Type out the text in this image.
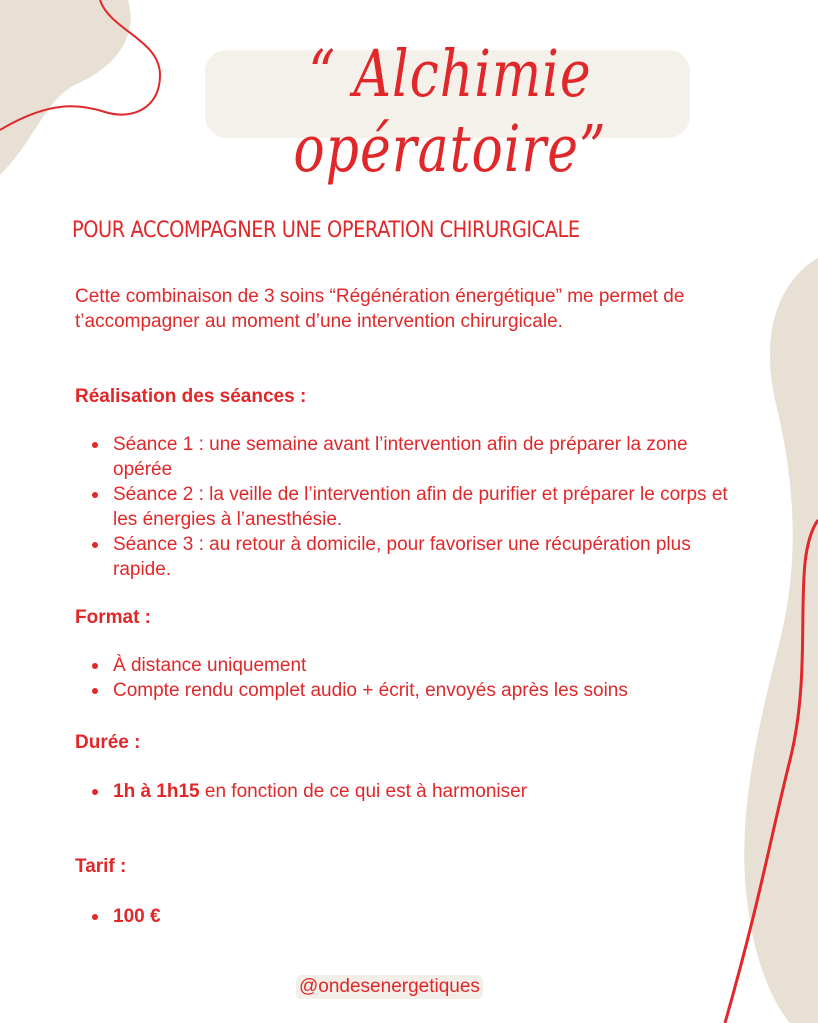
“ Alchimie opératoire”
POUR ACCOMPAGNER UNE OPERATION CHIRURGICALE
Cette combinaison de 3 soins “Régénération énergétique” me permet de t’accompagner au moment d’une intervention chirurgicale.
Réalisation des séances :
Séance 1 : une semaine avant l’intervention afin de préparer la zone opérée
Séance 2 : la veille de l’intervention afin de purifier et préparer le corps et les énergies à l’anesthésie.
Séance 3 : au retour à domicile, pour favoriser une récupération plus rapide.
Format :
À distance uniquement
Compte rendu complet audio + écrit, envoyés après les soins
Durée :
1h à 1h15 en fonction de ce qui est à harmoniser
Tarif :
100 €
@ondesenergetiques
